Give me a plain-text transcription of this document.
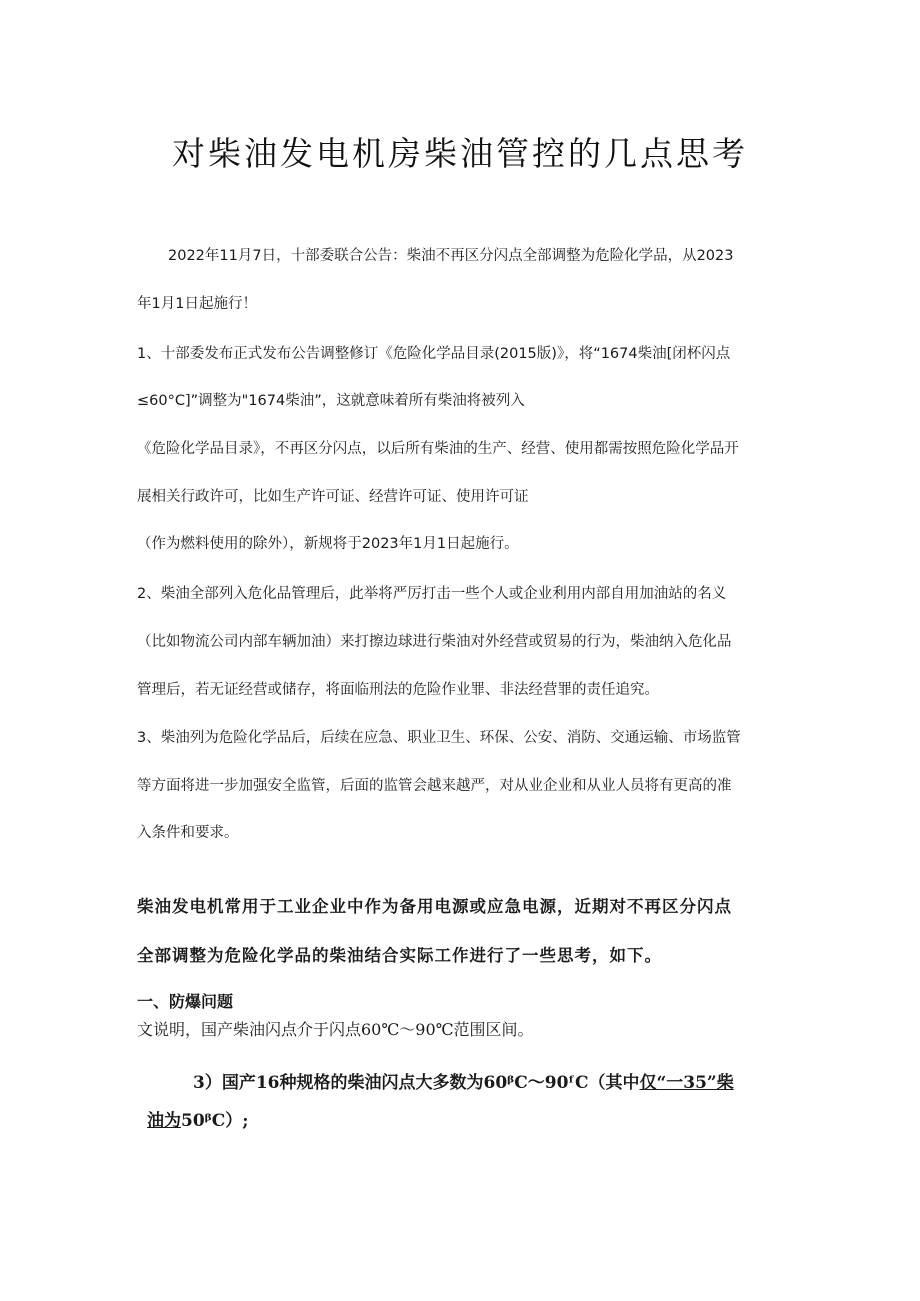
对柴油发电机房柴油管控的几点思考
2022年11月7日，十部委联合公告：柴油不再区分闪点全部调整为危险化学品，从2023
年1月1日起施行！
1、十部委发布正式发布公告调整修订《危险化学品目录(2015版)》，将“1674柴油[闭杯闪点
≤60°C]”调整为"1674柴油”，这就意味着所有柴油将被列入
《危险化学品目录》，不再区分闪点，以后所有柴油的生产、经营、使用都需按照危险化学品开
展相关行政许可，比如生产许可证、经营许可证、使用许可证
（作为燃料使用的除外），新规将于2023年1月1日起施行。
2、柴油全部列入危化品管理后，此举将严厉打击一些个人或企业利用内部自用加油站的名义
（比如物流公司内部车辆加油）来打擦边球进行柴油对外经营或贸易的行为，柴油纳入危化品
管理后，若无证经营或储存，将面临刑法的危险作业罪、非法经营罪的责任追究。
3、柴油列为危险化学品后，后续在应急、职业卫生、环保、公安、消防、交通运输、市场监管
等方面将进一步加强安全监管，后面的监管会越来越严，对从业企业和从业人员将有更高的准
入条件和要求。
柴油发电机常用于工业企业中作为备用电源或应急电源，近期对不再区分闪点
全部调整为危险化学品的柴油结合实际工作进行了一些思考，如下。
一、防爆问题
文说明，国产柴油闪点介于闪点60℃～90℃范围区间。
3）国产16种规格的柴油闪点大多数为60ᵝC～90ᶠC（其中仅“一35”柴
油为50ᵝC）;
